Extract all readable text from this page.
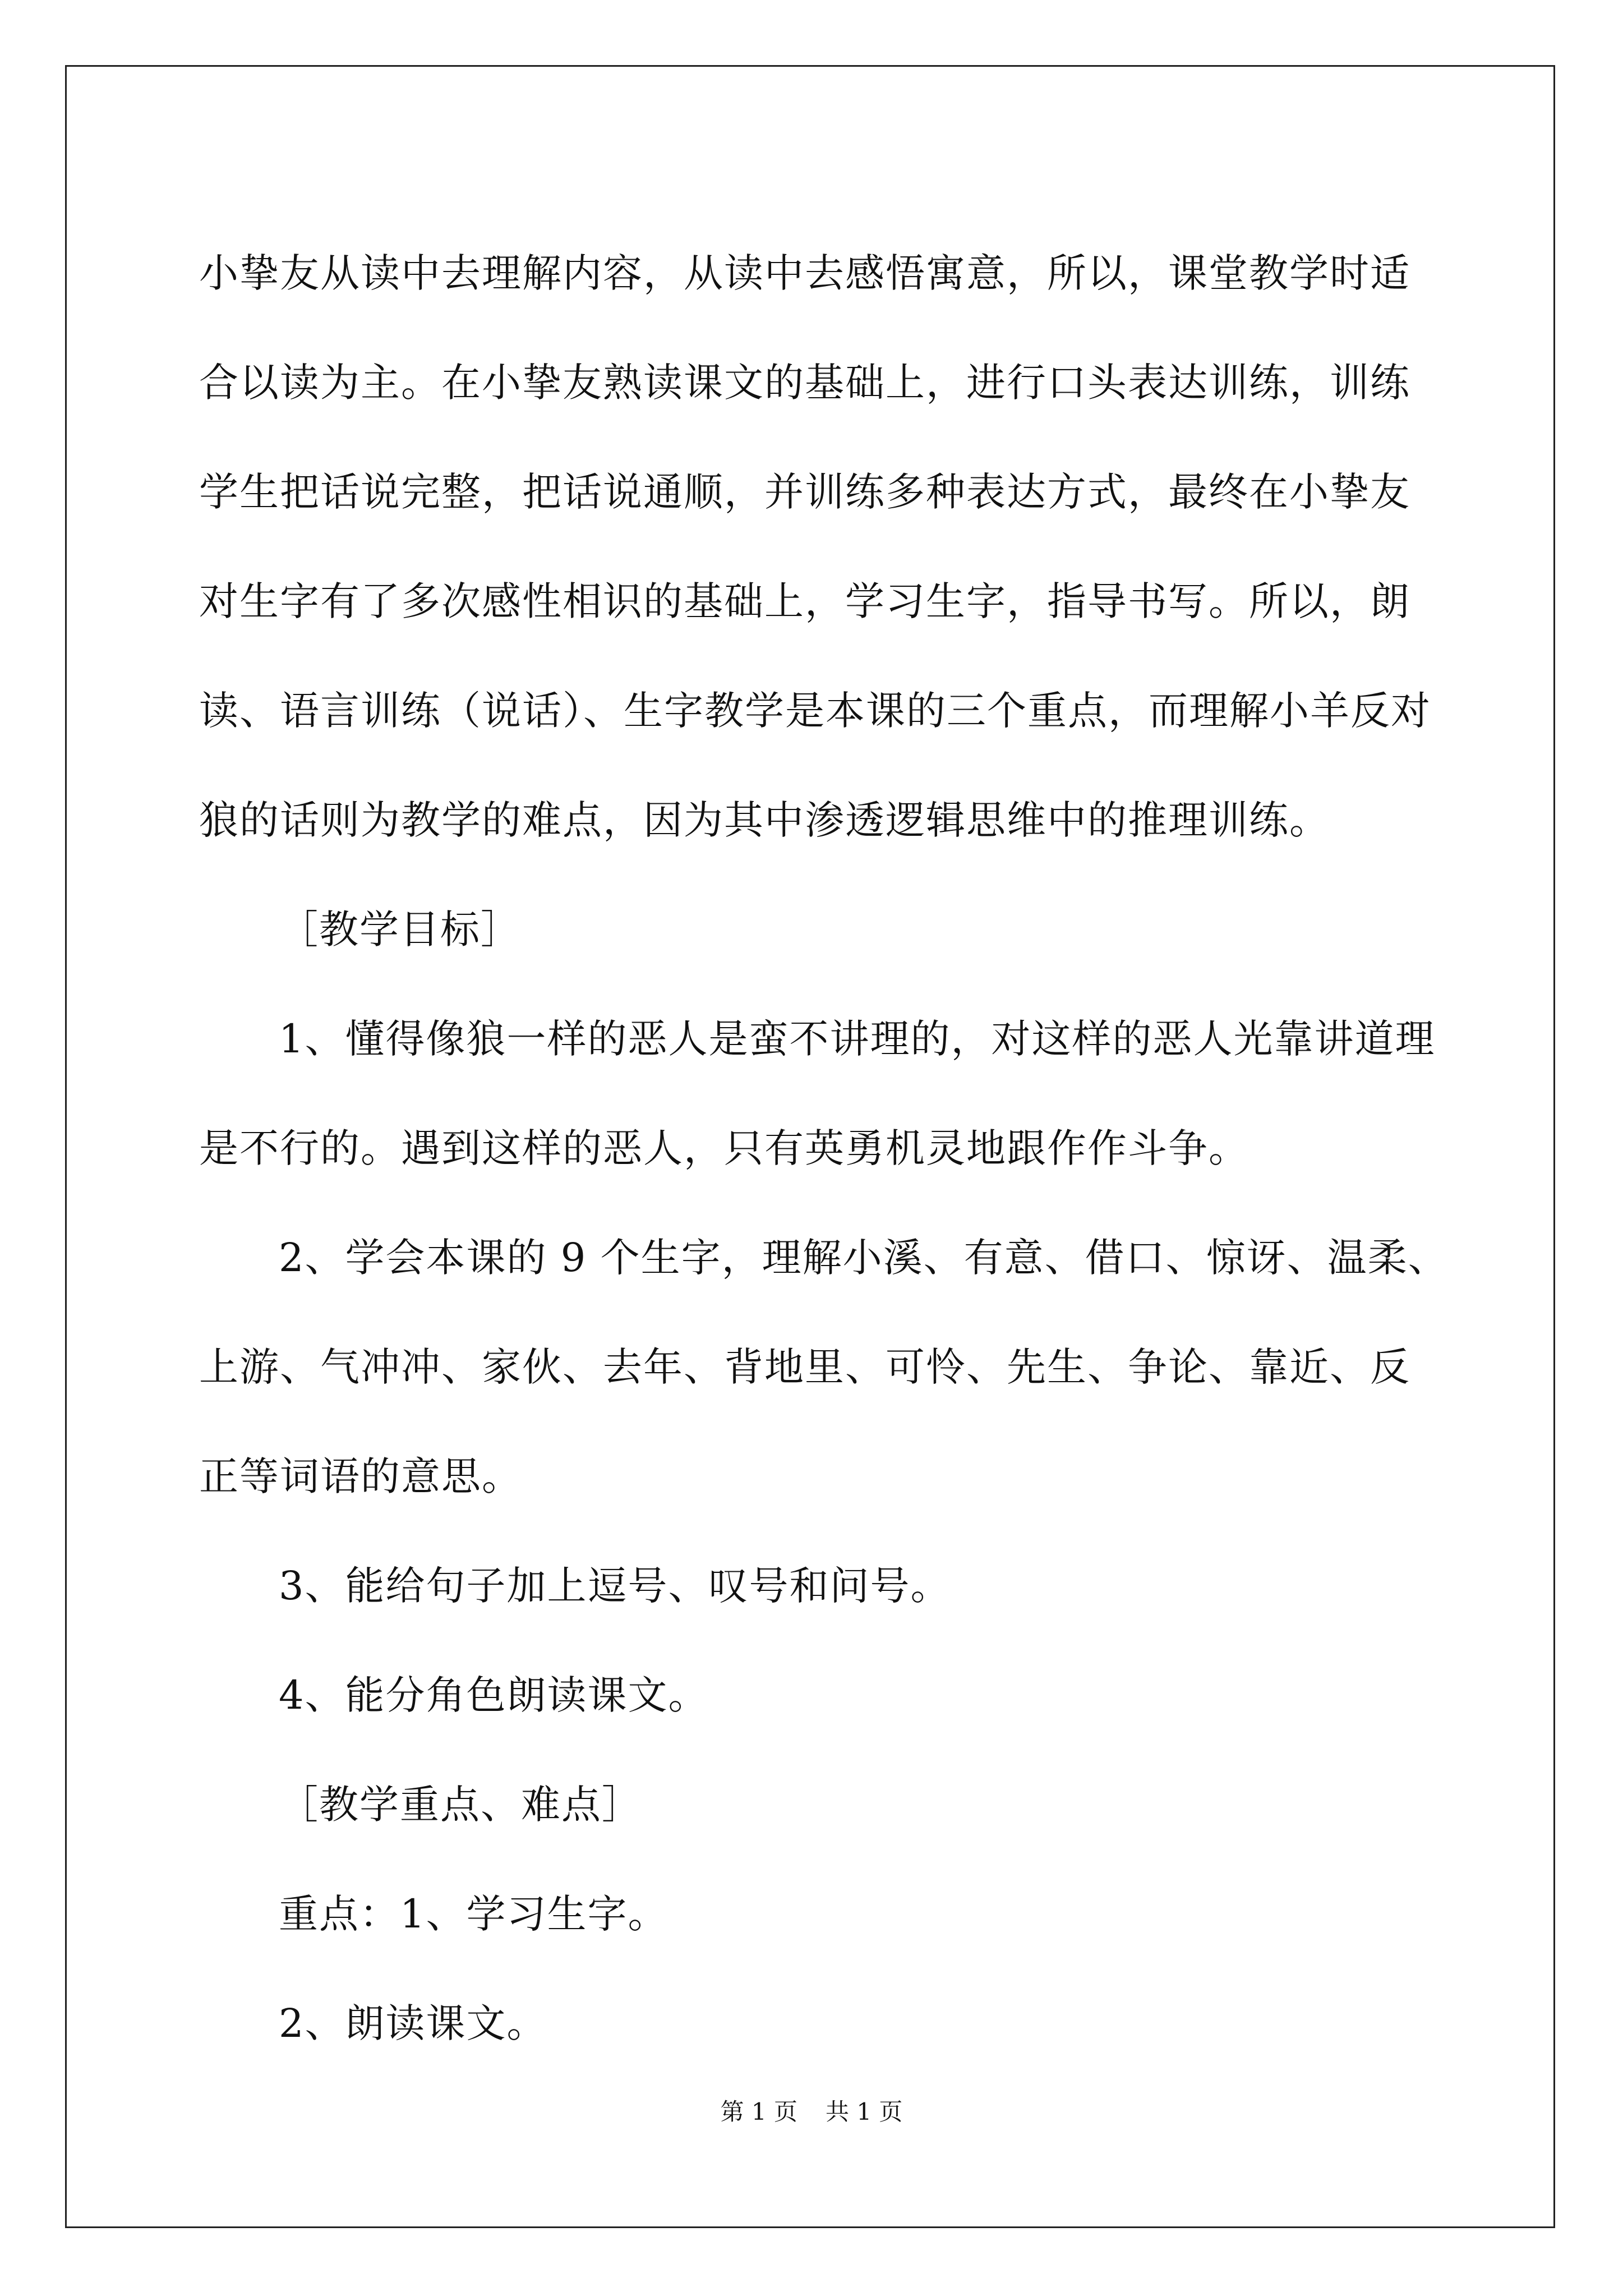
小挚友从读中去理解内容，从读中去感悟寓意，所以，课堂教学时适

合以读为主。在小挚友熟读课文的基础上，进行口头表达训练，训练

学生把话说完整，把话说通顺，并训练多种表达方式，最终在小挚友

对生字有了多次感性相识的基础上，学习生字，指导书写。所以，朗

读、语言训练（说话）、生字教学是本课的三个重点，而理解小羊反对

狼的话则为教学的难点，因为其中渗透逻辑思维中的推理训练。

［教学目标］

1、懂得像狼一样的恶人是蛮不讲理的，对这样的恶人光靠讲道理

是不行的。遇到这样的恶人，只有英勇机灵地跟作作斗争。

2、学会本课的 9 个生字，理解小溪、有意、借口、惊讶、温柔、

上游、气冲冲、家伙、去年、背地里、可怜、先生、争论、靠近、反

正等词语的意思。

3、能给句子加上逗号、叹号和问号。

4、能分角色朗读课文。

［教学重点、难点］

重点：1、学习生字。

2、朗读课文。

第 1 页 共 1 页
